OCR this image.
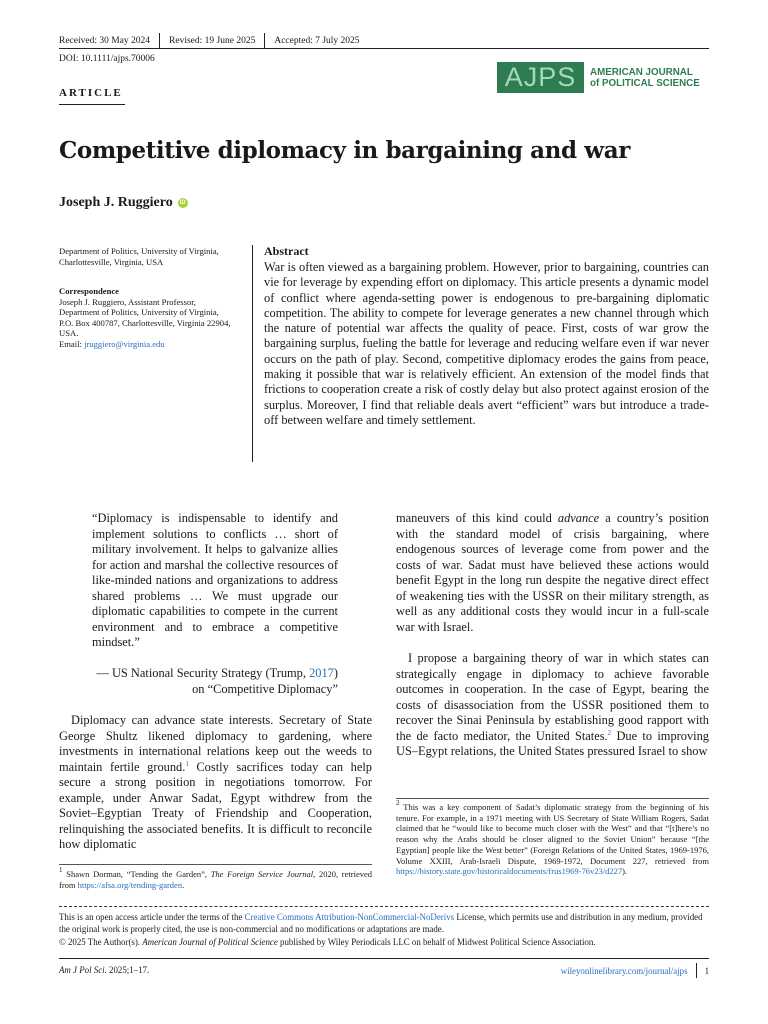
Received: 30 May 2024 Revised: 19 June 2025 Accepted: 7 July 2025
DOI: 10.1111/ajps.70006
AJPS	AMERICAN JOURNAL
of POLITICAL SCIENCE
ARTICLE
Competitive diplomacy in bargaining and war
Joseph J. Ruggiero	iD
Department of Politics, University of Virginia, Charlottesville, Virginia, USA
Correspondence
Joseph J. Ruggiero, Assistant Professor, Department of Politics, University of Virginia, P.O. Box 400787, Charlottesville, Virginia 22904, USA.
Email: jruggiero@virginia.edu
Abstract

War is often viewed as a bargaining problem. However, prior to bargaining, countries can vie for leverage by expending effort on diplomacy. This article presents a dynamic model of conflict where agenda-setting power is endogenous to pre-bargaining diplomatic competition. The ability to compete for leverage generates a new channel through which the nature of potential war affects the quality of peace. First, costs of war grow the bargaining surplus, fueling the battle for leverage and reducing welfare even if war never occurs on the path of play. Second, competitive diplomacy erodes the gains from peace, making it possible that war is relatively efficient. An extension of the model finds that frictions to cooperation create a risk of costly delay but also protect against erosion of the surplus. Moreover, I find that reliable deals avert “efficient” wars but introduce a trade-off between welfare and timely settlement.

“Diplomacy is indispensable to identify and implement solutions to conflicts … short of military involvement. It helps to galvanize allies for action and marshal the collective resources of like-minded nations and organizations to address shared problems … We must upgrade our diplomatic capabilities to compete in the current environment and to embrace a competitive mindset.”
— US National Security Strategy (Trump, 2017) on “Competitive Diplomacy”
Diplomacy can advance state interests. Secretary of State George Shultz likened diplomacy to gardening, where investments in international relations keep out the weeds to maintain fertile ground.$^1$ Costly sacrifices today can help secure a strong position in negotiations tomorrow. For example, under Anwar Sadat, Egypt withdrew from the Soviet–Egyptian Treaty of Friendship and Cooperation, relinquishing the associated benefits. It is difficult to reconcile how diplomatic
maneuvers of this kind could advance a country’s position with the standard model of crisis bargaining, where endogenous sources of leverage come from power and the costs of war. Sadat must have believed these actions would benefit Egypt in the long run despite the negative direct effect of weakening ties with the USSR on their military strength, as well as any additional costs they would incur in a full-scale war with Israel.
I propose a bargaining theory of war in which states can strategically engage in diplomacy to achieve favorable outcomes in cooperation. In the case of Egypt, bearing the costs of disassociation from the USSR positioned them to recover the Sinai Peninsula by establishing good rapport with the de facto mediator, the United States.$^2$ Due to improving US–Egypt relations, the United States pressured Israel to show
$^2$ This was a key component of Sadat’s diplomatic strategy from the beginning of his tenure. For example, in a 1971 meeting with US Secretary of State William Rogers, Sadat claimed that he “would like to become much closer with the West” and that “[t]here’s no reason why the Arabs should be closer aligned to the Soviet Union” because “[the Egyptian] people like the West better” (Foreign Relations of the United States, 1969-1976, Volume XXIII, Arab-Israeli Dispute, 1969-1972, Document 227, retrieved from https://history.state.gov/historicaldocuments/frus1969-76v23/d227).
$^1$ Shawn Dorman, “Tending the Garden”, The Foreign Service Journal, 2020, retrieved from https://afsa.org/tending-garden.
This is an open access article under the terms of the Creative Commons Attribution-NonCommercial-NoDerivs License, which permits use and distribution in any medium, provided the original work is properly cited, the use is non-commercial and no modifications or adaptations are made.
© 2025 The Author(s). American Journal of Political Science published by Wiley Periodicals LLC on behalf of Midwest Political Science Association.
Am J Pol Sci. 2025;1–17.	wileyonlinelibrary.com/journal/ajps 1
